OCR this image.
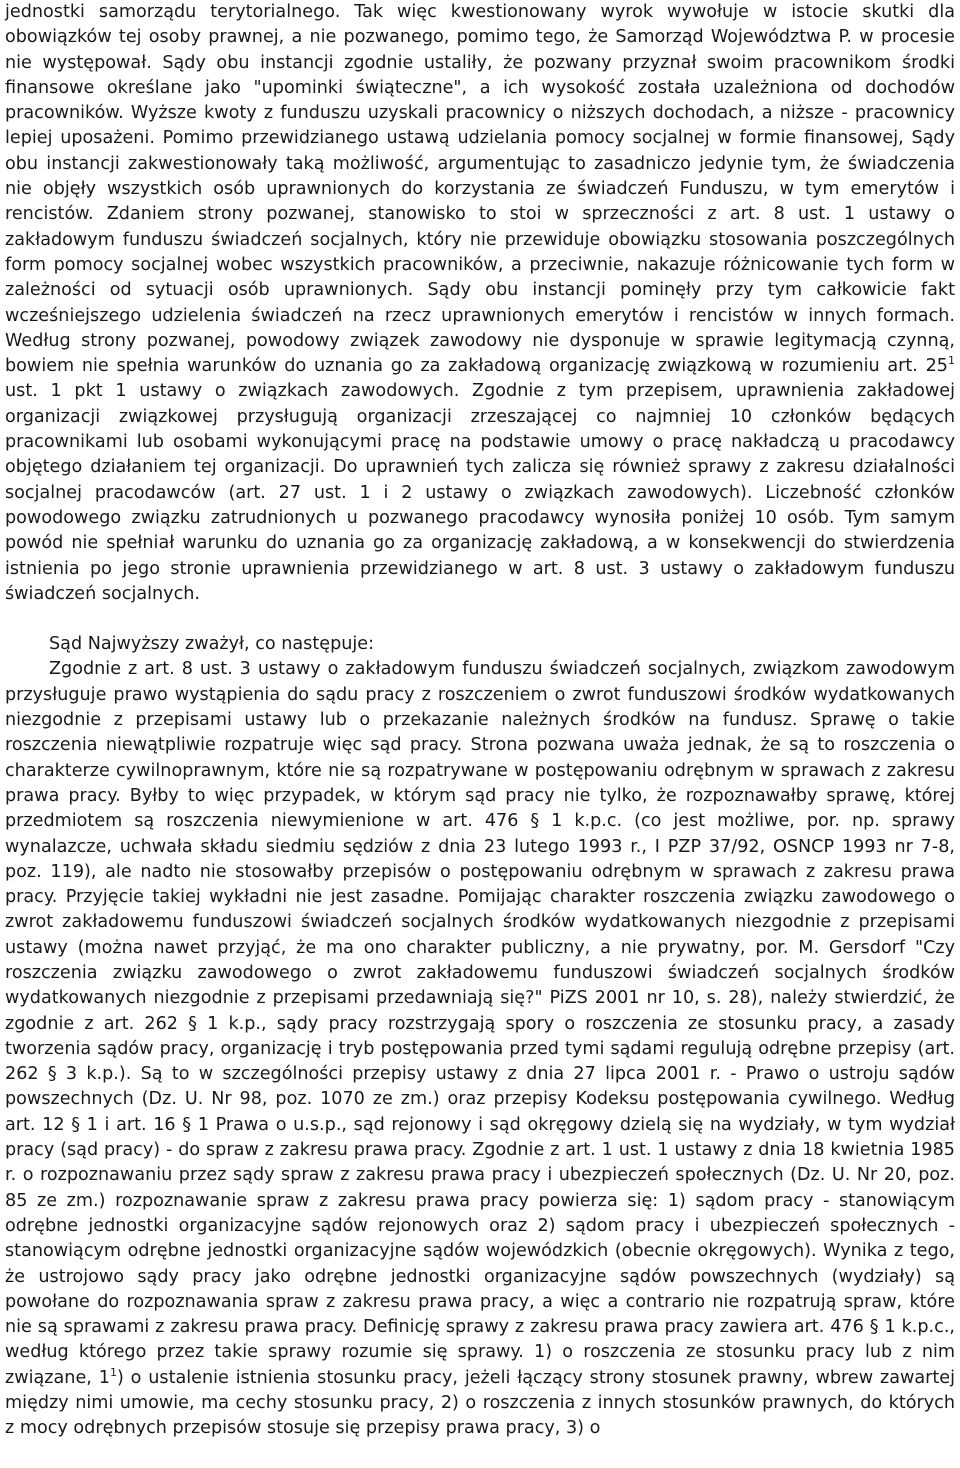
jednostki samorządu terytorialnego. Tak więc kwestionowany wyrok wywołuje w istocie skutki dla obowiązków tej osoby prawnej, a nie pozwanego, pomimo tego, że Samorząd Województwa P. w procesie nie występował. Sądy obu instancji zgodnie ustaliły, że pozwany przyznał swoim pracownikom środki finansowe określane jako "upominki świąteczne", a ich wysokość została uzależniona od dochodów pracowników. Wyższe kwoty z funduszu uzyskali pracownicy o niższych dochodach, a niższe - pracownicy lepiej uposażeni. Pomimo przewidzianego ustawą udzielania pomocy socjalnej w formie finansowej, Sądy obu instancji zakwestionowały taką możliwość, argumentując to zasadniczo jedynie tym, że świadczenia nie objęły wszystkich osób uprawnionych do korzystania ze świadczeń Funduszu, w tym emerytów i rencistów. Zdaniem strony pozwanej, stanowisko to stoi w sprzeczności z art. 8 ust. 1 ustawy o zakładowym funduszu świadczeń socjalnych, który nie przewiduje obowiązku stosowania poszczególnych form pomocy socjalnej wobec wszystkich pracowników, a przeciwnie, nakazuje różnicowanie tych form w zależności od sytuacji osób uprawnionych. Sądy obu instancji pominęły przy tym całkowicie fakt wcześniejszego udzielenia świadczeń na rzecz uprawnionych emerytów i rencistów w innych formach. Według strony pozwanej, powodowy związek zawodowy nie dysponuje w sprawie legitymacją czynną, bowiem nie spełnia warunków do uznania go za zakładową organizację związkową w rozumieniu art. $25^1$ ust. 1 pkt 1 ustawy o związkach zawodowych. Zgodnie z tym przepisem, uprawnienia zakładowej organizacji związkowej przysługują organizacji zrzeszającej co najmniej 10 członków będących pracownikami lub osobami wykonującymi pracę na podstawie umowy o pracę nakładczą u pracodawcy objętego działaniem tej organizacji. Do uprawnień tych zalicza się również sprawy z zakresu działalności socjalnej pracodawców (art. 27 ust. 1 i 2 ustawy o związkach zawodowych). Liczebność członków powodowego związku zatrudnionych u pozwanego pracodawcy wynosiła poniżej 10 osób. Tym samym powód nie spełniał warunku do uznania go za organizację zakładową, a w konsekwencji do stwierdzenia istnienia po jego stronie uprawnienia przewidzianego w art. 8 ust. 3 ustawy o zakładowym funduszu świadczeń socjalnych.

Sąd Najwyższy zważył, co następuje:

Zgodnie z art. 8 ust. 3 ustawy o zakładowym funduszu świadczeń socjalnych, związkom zawodowym przysługuje prawo wystąpienia do sądu pracy z roszczeniem o zwrot funduszowi środków wydatkowanych niezgodnie z przepisami ustawy lub o przekazanie należnych środków na fundusz. Sprawę o takie roszczenia niewątpliwie rozpatruje więc sąd pracy. Strona pozwana uważa jednak, że są to roszczenia o charakterze cywilnoprawnym, które nie są rozpatrywane w postępowaniu odrębnym w sprawach z zakresu prawa pracy. Byłby to więc przypadek, w którym sąd pracy nie tylko, że rozpoznawałby sprawę, której przedmiotem są roszczenia niewymienione w art. 476 § 1 k.p.c. (co jest możliwe, por. np. sprawy wynalazcze, uchwała składu siedmiu sędziów z dnia 23 lutego 1993 r., I PZP 37/92, OSNCP 1993 nr 7-8, poz. 119), ale nadto nie stosowałby przepisów o postępowaniu odrębnym w sprawach z zakresu prawa pracy. Przyjęcie takiej wykładni nie jest zasadne. Pomijając charakter roszczenia związku zawodowego o zwrot zakładowemu funduszowi świadczeń socjalnych środków wydatkowanych niezgodnie z przepisami ustawy (można nawet przyjąć, że ma ono charakter publiczny, a nie prywatny, por. M. Gersdorf "Czy roszczenia związku zawodowego o zwrot zakładowemu funduszowi świadczeń socjalnych środków wydatkowanych niezgodnie z przepisami przedawniają się?" PiZS 2001 nr 10, s. 28), należy stwierdzić, że zgodnie z art. 262 § 1 k.p., sądy pracy rozstrzygają spory o roszczenia ze stosunku pracy, a zasady tworzenia sądów pracy, organizację i tryb postępowania przed tymi sądami regulują odrębne przepisy (art. 262 § 3 k.p.). Są to w szczególności przepisy ustawy z dnia 27 lipca 2001 r. - Prawo o ustroju sądów powszechnych (Dz. U. Nr 98, poz. 1070 ze zm.) oraz przepisy Kodeksu postępowania cywilnego. Według art. 12 § 1 i art. 16 § 1 Prawa o u.s.p., sąd rejonowy i sąd okręgowy dzielą się na wydziały, w tym wydział pracy (sąd pracy) - do spraw z zakresu prawa pracy. Zgodnie z art. 1 ust. 1 ustawy z dnia 18 kwietnia 1985 r. o rozpoznawaniu przez sądy spraw z zakresu prawa pracy i ubezpieczeń społecznych (Dz. U. Nr 20, poz. 85 ze zm.) rozpoznawanie spraw z zakresu prawa pracy powierza się: 1) sądom pracy - stanowiącym odrębne jednostki organizacyjne sądów rejonowych oraz 2) sądom pracy i ubezpieczeń społecznych - stanowiącym odrębne jednostki organizacyjne sądów wojewódzkich (obecnie okręgowych). Wynika z tego, że ustrojowo sądy pracy jako odrębne jednostki organizacyjne sądów powszechnych (wydziały) są powołane do rozpoznawania spraw z zakresu prawa pracy, a więc a contrario nie rozpatrują spraw, które nie są sprawami z zakresu prawa pracy. Definicję sprawy z zakresu prawa pracy zawiera art. 476 § 1 k.p.c., według którego przez takie sprawy rozumie się sprawy. 1) o roszczenia ze stosunku pracy lub z nim związane, $1^1$) o ustalenie istnienia stosunku pracy, jeżeli łączący strony stosunek prawny, wbrew zawartej między nimi umowie, ma cechy stosunku pracy, 2) o roszczenia z innych stosunków prawnych, do których z mocy odrębnych przepisów stosuje się przepisy prawa pracy, 3) o
